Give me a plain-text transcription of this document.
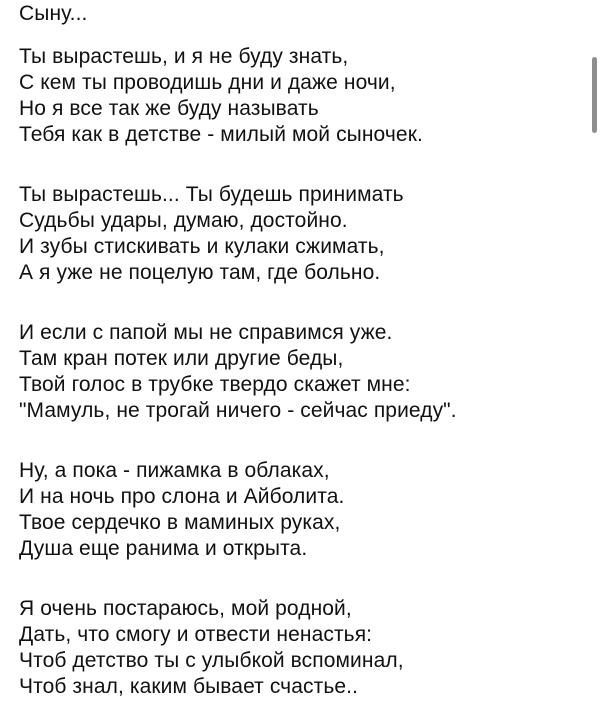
Сыну...
Ты вырастешь, и я не буду знать,
С кем ты проводишь дни и даже ночи,
Но я все так же буду называть
Тебя как в детстве - милый мой сыночек.
Ты вырастешь... Ты будешь принимать
Судьбы удары, думаю, достойно.
И зубы стискивать и кулаки сжимать,
А я уже не поцелую там, где больно.
И если с папой мы не справимся уже.
Там кран потек или другие беды,
Твой голос в трубке твердо скажет мне:
"Мамуль, не трогай ничего - сейчас приеду".
Ну, а пока - пижамка в облаках,
И на ночь про слона и Айболита.
Твое сердечко в маминых руках,
Душа еще ранима и открыта.
Я очень постараюсь, мой родной,
Дать, что смогу и отвести ненастья:
Чтоб детство ты с улыбкой вспоминал,
Чтоб знал, каким бывает счастье..
